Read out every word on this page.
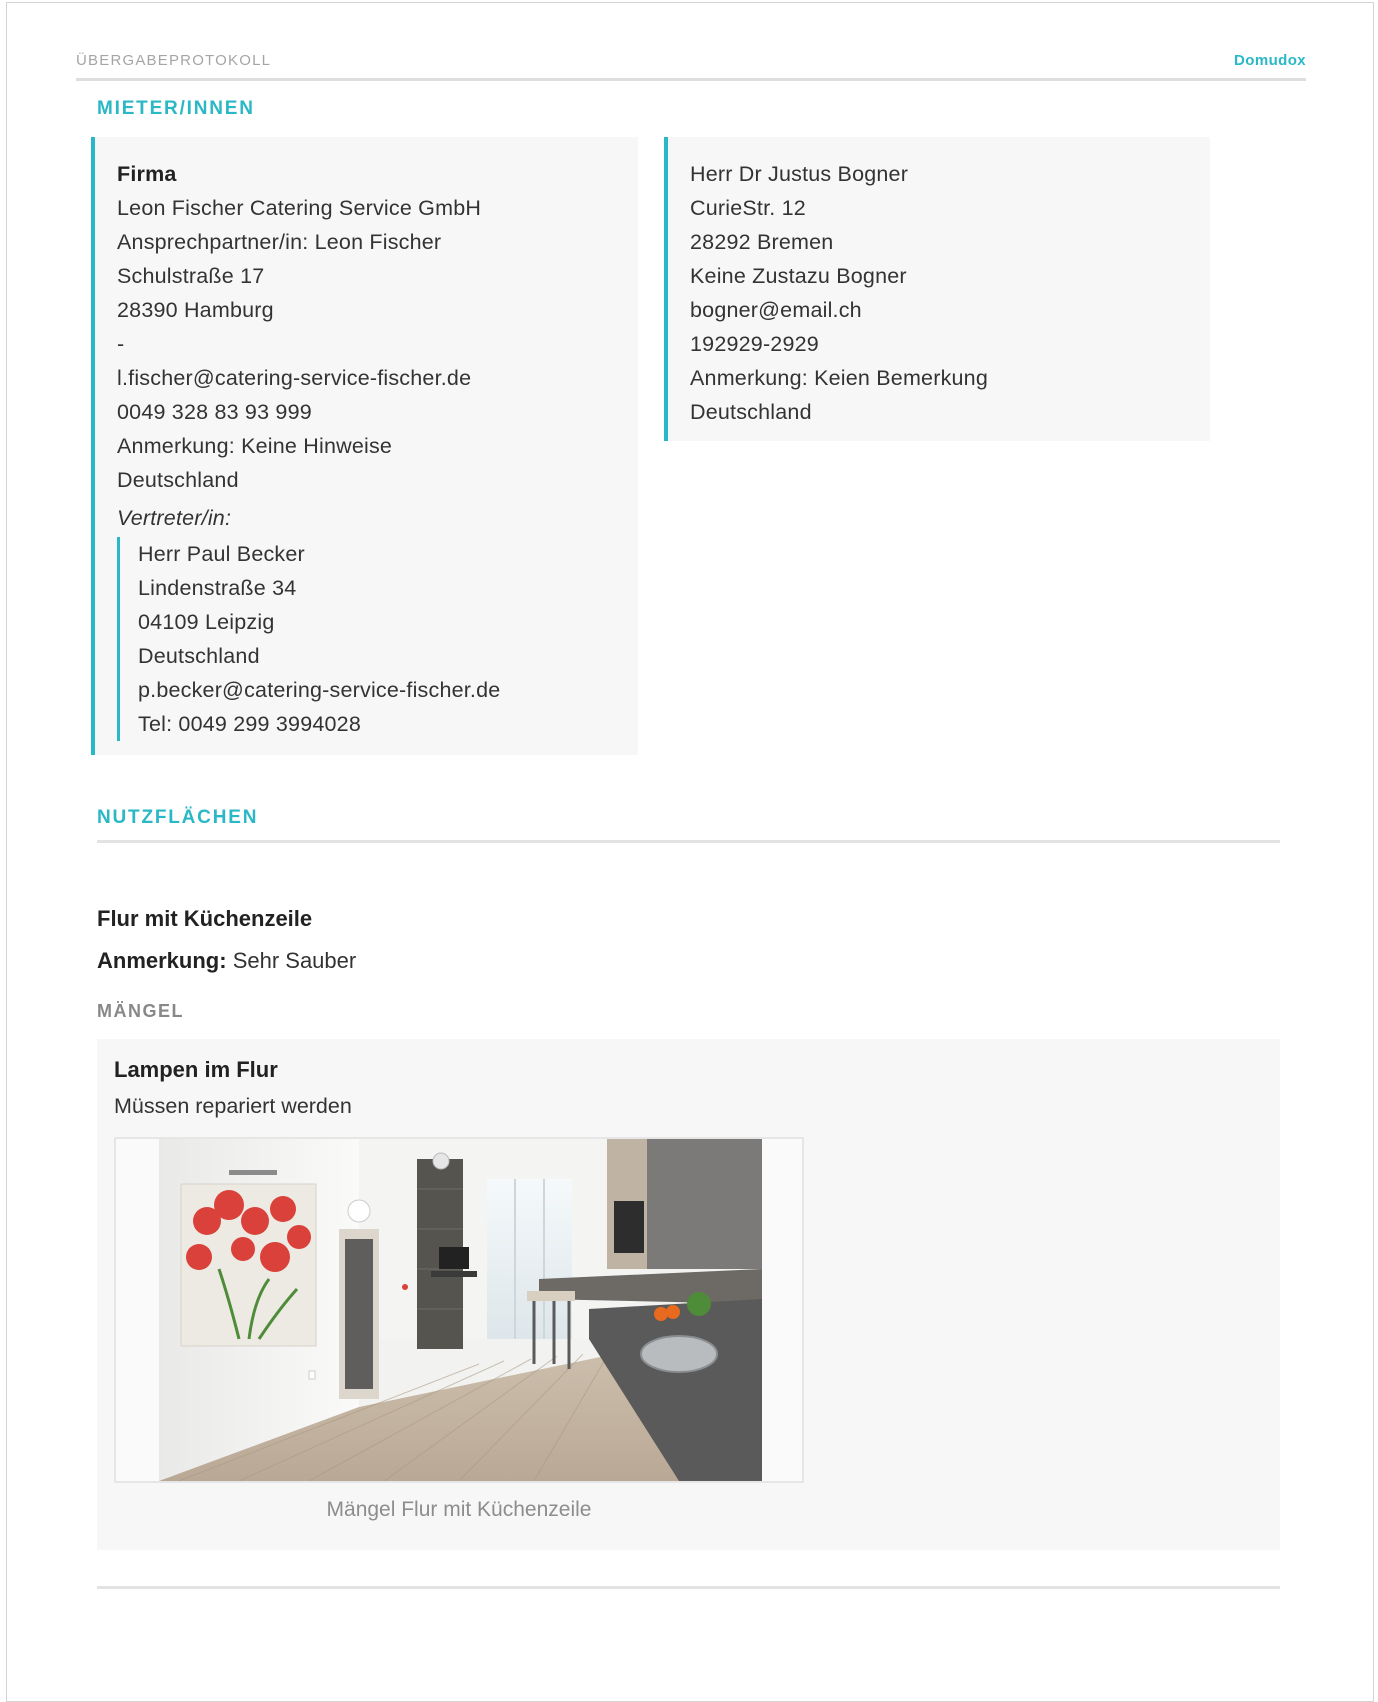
ÜBERGABEPROTOKOLL	Domudox
MIETER/INNEN
Firma
Leon Fischer Catering Service GmbH
Ansprechpartner/in: Leon Fischer
Schulstraße 17
28390 Hamburg
-
l.fischer@catering-service-fischer.de
0049 328 83 93 999
Anmerkung: Keine Hinweise
Deutschland
Vertreter/in:
Herr Paul Becker
Lindenstraße 34
04109 Leipzig
Deutschland
p.becker@catering-service-fischer.de
Tel: 0049 299 3994028
Herr Dr Justus Bogner
CurieStr. 12
28292 Bremen
Keine Zustazu Bogner
bogner@email.ch
192929-2929
Anmerkung: Keien Bemerkung
Deutschland
NUTZFLÄCHEN
Flur mit Küchenzeile
Anmerkung: Sehr Sauber
MÄNGEL
Lampen im Flur
Müssen repariert werden
Mängel Flur mit Küchenzeile
